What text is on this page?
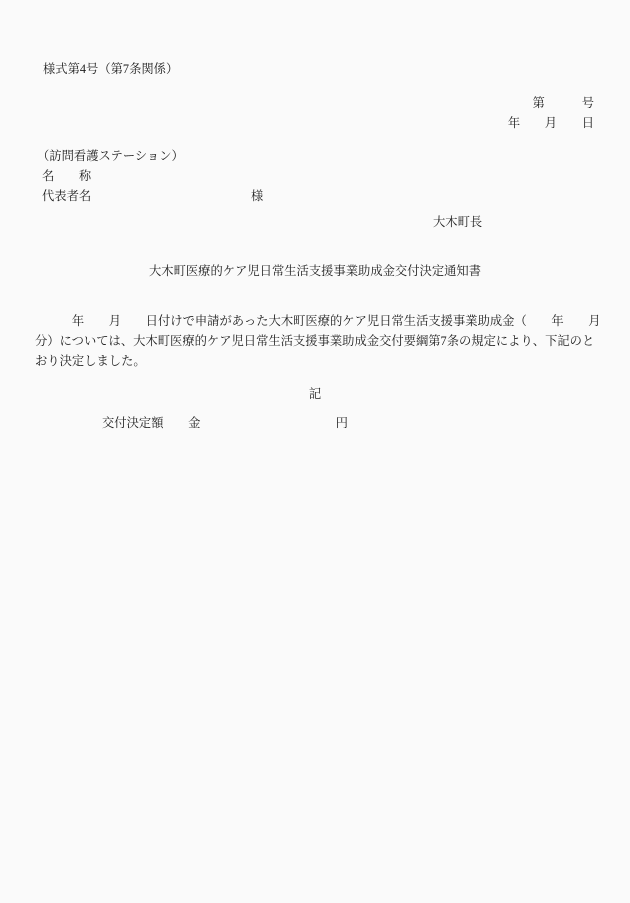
様式第4号（第7条関係）
第　　　号
年　　月　　日
（訪問看護ステーション）
名　　称
代表者名　　　　　　　　　　　　　様
大木町長
大木町医療的ケア児日常生活支援事業助成金交付決定通知書
　　　年　　月　　日付けで申請があった大木町医療的ケア児日常生活支援事業助成金（　　年　　月
分）については、大木町医療的ケア児日常生活支援事業助成金交付要綱第7条の規定により、下記のと
おり決定しました。
記
交付決定額　　金　　　　　　　　　　　円
